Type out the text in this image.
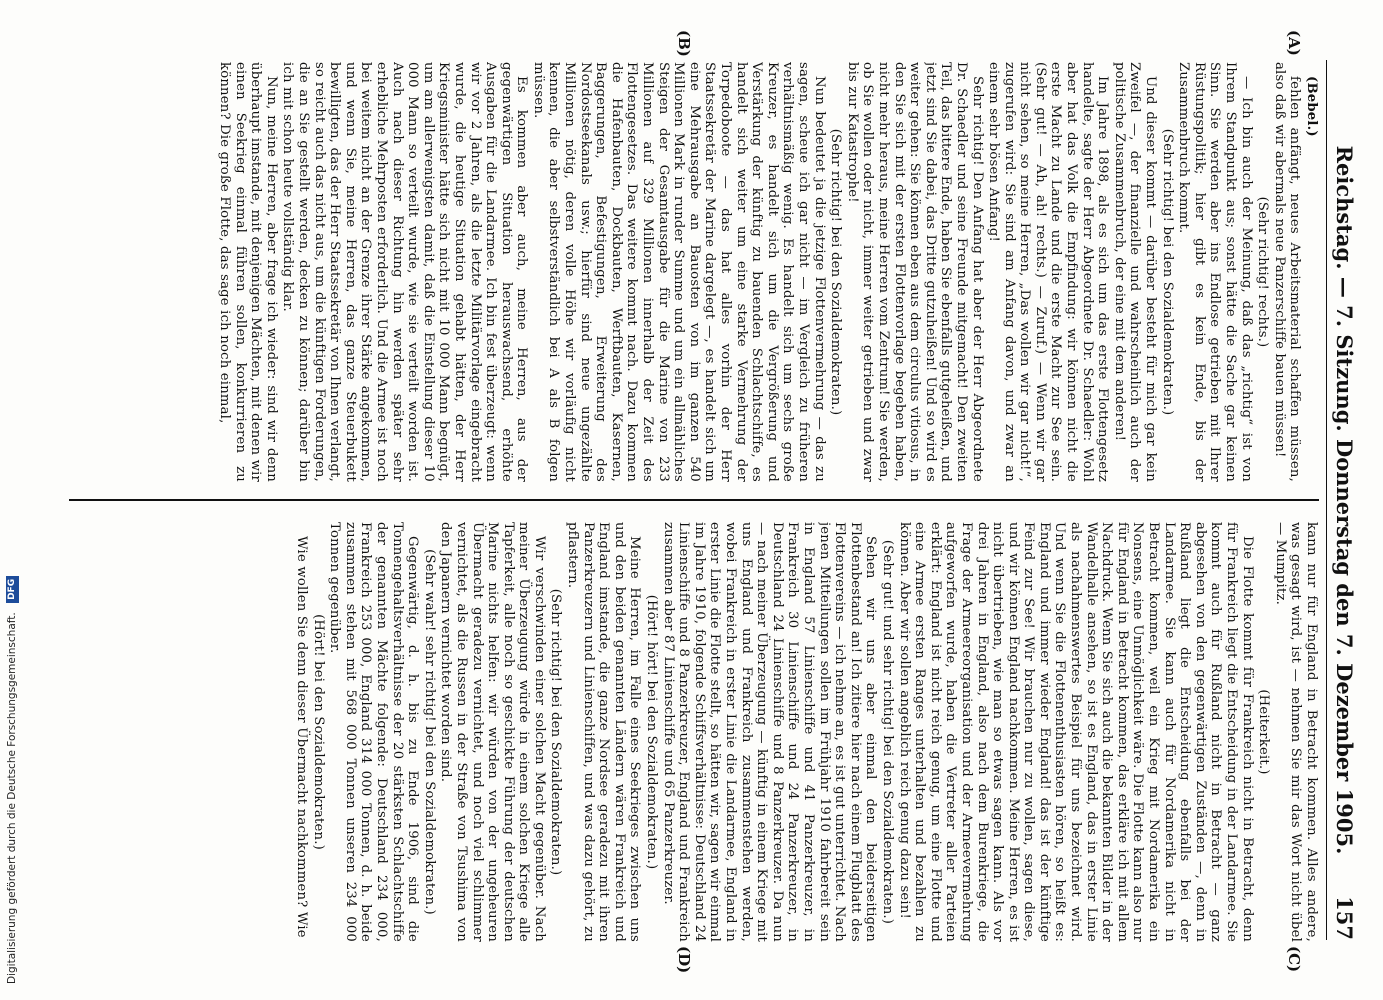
Reichstag. — 7. Sitzung. Donnerstag den 7. Dezember 1905.
157
(A)
(B)
(C)
(D)

(Bebel.)

fehlen anfängt, neues Arbeitsmaterial schaffen müssen, also daß wir abermals neue Panzerschiffe bauen müssen!

(Sehr richtig! rechts.)

— Ich bin auch der Meinung, daß das „richtig“ ist von Ihrem Standpunkt aus; sonst hätte die Sache gar keinen Sinn. Sie werden aber ins Endlose getrieben mit Ihrer Rüstungspolitik; hier gibt es kein Ende, bis der Zusammenbruch kommt.

(Sehr richtig! bei den Sozialdemokraten.)

Und dieser kommt — darüber besteht für mich gar kein Zweifel —, der finanzielle und wahrscheinlich auch der politische Zusammenbruch, der eine mit dem anderen!

Im Jahre 1898, als es sich um das erste Flottengesetz handelte, sagte der Herr Abgeordnete Dr. Schaedler: Wohl aber hat das Volk die Empfindung: wir können nicht die erste Macht zu Lande und die erste Macht zur See sein. (Sehr gut! — Ah, ah! rechts.) — Zuruf.) — Wenn wir gar nicht sehen, so meine Herren, „Das wollen wir gar nicht!“, zugerufen wird: Sie sind am Anfang davon, und zwar an einem sehr bösen Anfang!

Sehr richtig! Den Anfang hat aber der Herr Abgeordnete Dr. Schaedler und seine Freunde mitgemacht! Den zweiten Teil, das bittere Ende, haben Sie ebenfalls gutgeheißen, und jetzt sind Sie dabei, das Dritte gutzuheißen! Und so wird es weiter gehen: Sie können eben aus dem circulus vitiosus, in den Sie sich mit der ersten Flottenvorlage begeben haben, nicht mehr heraus, meine Herren vom Zentrum! Sie werden, ob Sie wollen oder nicht, immer weiter getrieben und zwar bis zur Katastrophe!

(Sehr richtig! bei den Sozialdemokraten.)

Nun bedeutet ja die jetzige Flottenvermehrung — das zu sagen, scheue ich gar nicht — im Vergleich zu früheren verhältnismäßig wenig. Es handelt sich um sechs große Kreuzer, es handelt sich um die Vergrößerung und Verstärkung der künftig zu bauenden Schlachtschiffe, es handelt sich weiter um eine starke Vermehrung der Torpedoboote — das hat alles vorhin der Herr Staatssekretär der Marine dargelegt —, es handelt sich um eine Mehrausgabe an Bauosten von im ganzen 540 Millionen Mark in runder Summe und um ein allmähliches Steigen der Gesamtausgabe für die Marine von 233 Millionen auf 329 Millionen innerhalb der Zeit des Flottengesetzes. Das weitere kommt nach. Dazu kommen die Hafenbauten, Dockbauten, Werftbauten, Kasernen, Baggerungen, Befestigungen, Erweiterung des Nordostseekanals usw.; hierfür sind neue ungezählte Millionen nötig, deren volle Höhe wir vorläufig nicht kennen, die aber selbstverständlich bei A als B folgen müssen.

Es kommen aber auch, meine Herren, aus der gegenwärtigen Situation herauswachsend, erhöhte Ausgaben für die Landarmee. Ich bin fest überzeugt: wenn wir vor 2 Jahren, als die letzte Militärvorlage eingebracht wurde, die heutige Situation gehabt hätten, der Herr Kriegsminister hätte sich nicht mit 10 000 Mann begnügt, um am allerwenigsten damit, daß die Einstellung dieser 10 000 Mann so verteilt wurde, wie sie verteilt worden ist. Auch nach dieser Richtung hin werden später sehr erhebliche Mehrposten erforderlich. Und die Armee ist noch bei weitem nicht an der Grenze ihrer Stärke angekommen, und wenn Sie, meine Herren, das ganze Steuerbukett bewilligten, das der Herr Staatssekretär von Ihnen verlangt, so reicht auch das nicht aus, um die künftigen Forderungen, die an Sie gestellt werden, decken zu können; darüber bin ich mit schon heute vollständig klar.

Nun, meine Herren, aber frage ich wieder: sind wir denn überhaupt imstande, mit denjenigen Mächten, mit denen wir einen Seekrieg einmal führen sollen, konkurrieren zu können? Die große Flotte, das sage ich noch einmal,

kann nur für England in Betracht kommen. Alles andere, was gesagt wird, ist — nehmen Sie mir das Wort nicht übel — Mumpitz.

(Heiterkeit.)

Die Flotte kommt für Frankreich nicht in Betracht, denn für Frankreich liegt die Entscheidung in der Landarmee. Sie kommt auch für Rußland nicht in Betracht — ganz abgesehen von den gegenwärtigen Zuständen —, denn in Rußland liegt die Entscheidung ebenfalls bei der Landarmee. Sie kann auch für Nordamerika nicht in Betracht kommen, weil ein Krieg mit Nordamerika ein Nonsens, eine Unmöglichkeit wäre. Die Flotte kann also nur für England in Betracht kommen, das erkläre ich mit allem Nachdruck. Wenn Sie sich auch die bekannten Bilder in der Wandelhalle ansehen, so ist es England, das in erster Linie als nachahmenswertes Beispiel für uns bezeichnet wird. Und wenn Sie die Flottenenthusiasten hören, so heißt es: England und immer wieder England! das ist der künftige Feind zur See! Wir brauchen nur zu wollen, sagen diese, und wir können England nachkommen. Meine Herren, es ist nicht übertrieben, wie man so etwas sagen kann. Als vor drei Jahren in England, also nach dem Burenkriege, die Frage der Armeereorganisation und der Armeevermehrung aufgeworfen wurde, haben die Vertreter aller Parteien erklärt: England ist nicht reich genug, um eine Flotte und eine Armee ersten Ranges unterhalten und bezahlen zu können. Aber wir sollen angeblich reich genug dazu sein!

(Sehr gut! und sehr richtig! bei den Sozialdemokraten.)

Sehen wir uns aber einmal den beiderseitigen Flottenbestand an! Ich zitiere hier nach einem Flugblatt des Flottenvereins — ich nehme an, es ist gut unterrichtet. Nach jenen Mitteilungen sollen im Frühjahr 1910 fahrbereit sein in England 57 Linienschiffe und 41 Panzerkreuzer, in Frankreich 30 Linienschiffe und 24 Panzerkreuzer, in Deutschland 24 Linienschiffe und 8 Panzerkreuzer. Da nun — nach meiner Überzeugung — künftig in einem Kriege mit uns England und Frankreich zusammenstehen werden, wobei Frankreich in erster Linie die Landarmee, England in erster Linie die Flotte stellt, so hätten wir, sagen wir einmal im Jahre 1910, folgende Schiffsverhältnisse: Deutschland 24 Linienschiffe und 8 Panzerkreuzer, England und Frankreich zusammen aber 87 Linienschiffe und 65 Panzerkreuzer.

(Hört! hört! bei den Sozialdemokraten.)

Meine Herren, im Falle eines Seekrieges zwischen uns und den beiden genannten Ländern wären Frankreich und England imstande, die ganze Nordsee geradezu mit ihren Panzerkreuzern und Linienschiffen, und was dazu gehört, zu pflastern.

(Sehr richtig! bei den Sozialdemokraten.)

Wir verschwinden einer solchen Macht gegenüber. Nach meiner Überzeugung würde in einem solchen Kriege alle Tapferkeit, alle noch so geschickte Führung der deutschen Marine nichts helfen: wir würden von der ungeheuren Übermacht geradezu vernichtet, und noch viel schlimmer vernichtet, als die Russen in der Straße von Tsushima von den Japanern vernichtet worden sind.

(Sehr wahr! sehr richtig! bei den Sozialdemokraten.)

Gegenwärtig, d. h. bis zu Ende 1906, sind die Tonnengehaltsverhältnisse der 20 stärksten Schlachtschiffe der genannten Mächte folgende: Deutschland 234 000, Frankreich 253 000, England 314 000 Tonnen, d. h. beide zusammen stehen mit 568 000 Tonnen unseren 234 000 Tonnen gegenüber.

(Hört! bei den Sozialdemokraten.)

Wie wollen Sie denn dieser Übermacht nachkommen? Wie

Digitalisierung gefördert durch die Deutsche Forschungsgemeinschaft. DFG
